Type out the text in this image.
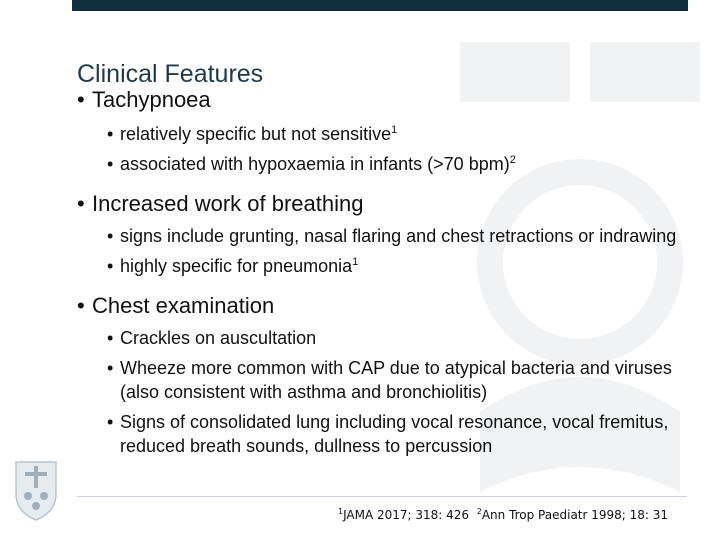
Clinical Features

• Tachypnoea

• relatively specific but not sensitive$^1$

• associated with hypoxaemia in infants (>70 bpm)$^2$

• Increased work of breathing

• signs include grunting, nasal flaring and chest retractions or indrawing

• highly specific for pneumonia$^1$

• Chest examination

• Crackles on auscultation

• Wheeze more common with CAP due to atypical bacteria and viruses (also consistent with asthma and bronchiolitis)

• Signs of consolidated lung including vocal resonance, vocal fremitus, reduced breath sounds, dullness to percussion

$^1$JAMA 2017; 318: 426 $^2$Ann Trop Paediatr 1998; 18: 31
